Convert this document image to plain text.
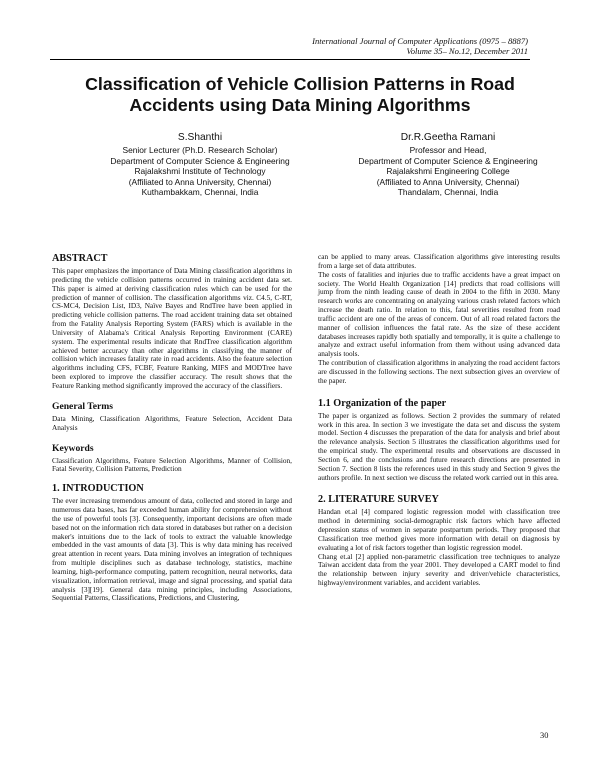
International Journal of Computer Applications (0975 – 8887)
Volume 35– No.12, December 2011
Classification of Vehicle Collision Patterns in Road
Accidents using Data Mining Algorithms
S.Shanthi
Senior Lecturer (Ph.D. Research Scholar)
Department of Computer Science & Engineering
Rajalakshmi Institute of Technology
(Affiliated to Anna University, Chennai)
Kuthambakkam, Chennai, India
Dr.R.Geetha Ramani
Professor and Head,
Department of Computer Science & Engineering
Rajalakshmi Engineering College
(Affiliated to Anna University, Chennai)
Thandalam, Chennai, India
ABSTRACT

This paper emphasizes the importance of Data Mining classification algorithms in predicting the vehicle collision patterns occurred in training accident data set. This paper is aimed at deriving classification rules which can be used for the prediction of manner of collision. The classification algorithms viz. C4.5, C-RT, CS-MC4, Decision List, ID3, Naïve Bayes and RndTree have been applied in predicting vehicle collision patterns. The road accident training data set obtained from the Fatality Analysis Reporting System (FARS) which is available in the University of Alabama's Critical Analysis Reporting Environment (CARE) system. The experimental results indicate that RndTree classification algorithm achieved better accuracy than other algorithms in classifying the manner of collision which increases fatality rate in road accidents. Also the feature selection algorithms including CFS, FCBF, Feature Ranking, MIFS and MODTree have been explored to improve the classifier accuracy. The result shows that the Feature Ranking method significantly improved the accuracy of the classifiers.

General Terms

Data Mining, Classification Algorithms, Feature Selection, Accident Data Analysis

Keywords

Classification Algorithms, Feature Selection Algorithms, Manner of Collision, Fatal Severity, Collision Patterns, Prediction

1. INTRODUCTION

The ever increasing tremendous amount of data, collected and stored in large and numerous data bases, has far exceeded human ability for comprehension without the use of powerful tools [3]. Consequently, important decisions are often made based not on the information rich data stored in databases but rather on a decision maker's intuitions due to the lack of tools to extract the valuable knowledge embedded in the vast amounts of data [3]. This is why data mining has received great attention in recent years. Data mining involves an integration of techniques from multiple disciplines such as database technology, statistics, machine learning, high-performance computing, pattern recognition, neural networks, data visualization, information retrieval, image and signal processing, and spatial data analysis [3][19]. General data mining principles, including Associations, Sequential Patterns, Classifications, Predictions, and Clustering,

can be applied to many areas. Classification algorithms give interesting results from a large set of data attributes.

The costs of fatalities and injuries due to traffic accidents have a great impact on society. The World Health Organization [14] predicts that road collisions will jump from the ninth leading cause of death in 2004 to the fifth in 2030. Many research works are concentrating on analyzing various crash related factors which increase the death ratio. In relation to this, fatal severities resulted from road traffic accident are one of the areas of concern. Out of all road related factors the manner of collision influences the fatal rate. As the size of these accident databases increases rapidly both spatially and temporally, it is quite a challenge to analyze and extract useful information from them without using advanced data analysis tools.

The contribution of classification algorithms in analyzing the road accident factors are discussed in the following sections. The next subsection gives an overview of the paper.

1.1 Organization of the paper

The paper is organized as follows. Section 2 provides the summary of related work in this area. In section 3 we investigate the data set and discuss the system model. Section 4 discusses the preparation of the data for analysis and brief about the relevance analysis. Section 5 illustrates the classification algorithms used for the empirical study. The experimental results and observations are discussed in Section 6, and the conclusions and future research directions are presented in Section 7. Section 8 lists the references used in this study and Section 9 gives the authors profile. In next section we discuss the related work carried out in this area.

2. LITERATURE SURVEY

Handan et.al [4] compared logistic regression model with classification tree method in determining social-demographic risk factors which have affected depression status of women in separate postpartum periods. They proposed that Classification tree method gives more information with detail on diagnosis by evaluating a lot of risk factors together than logistic regression model.

Chang et.al [2] applied non-parametric classification tree techniques to analyze Taiwan accident data from the year 2001. They developed a CART model to find the relationship between injury severity and driver/vehicle characteristics, highway/environment variables, and accident variables.

30
